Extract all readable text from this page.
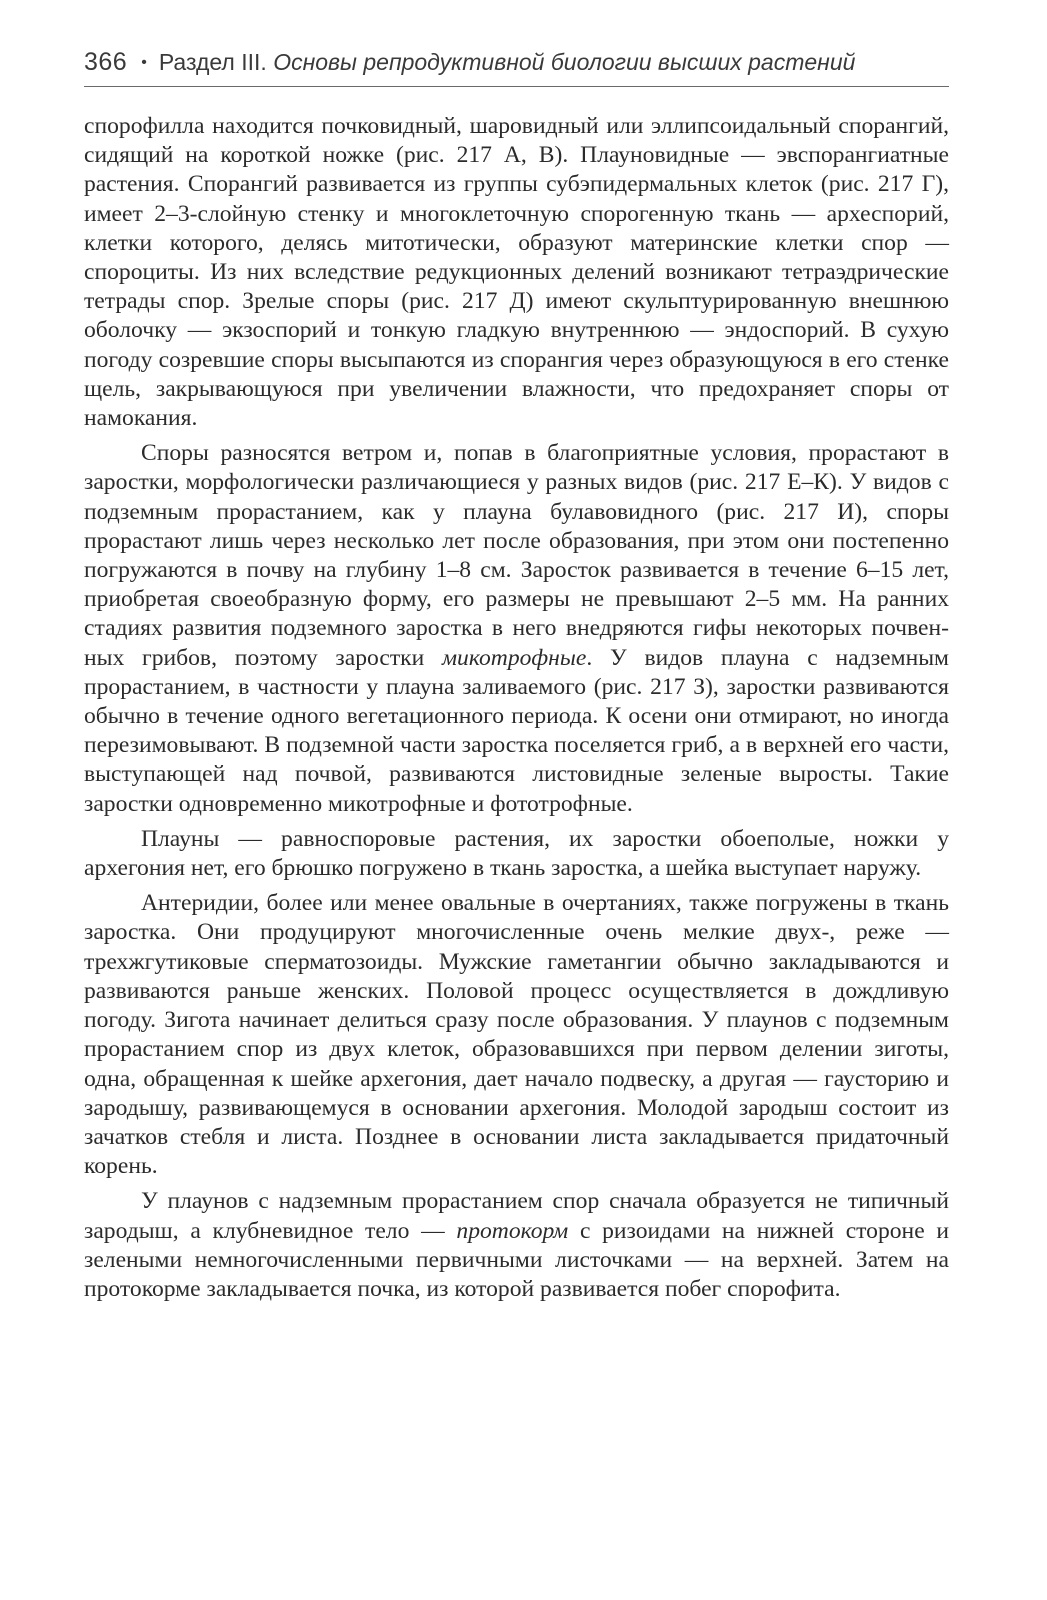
366 • Раздел III. Основы репродуктивной биологии высших растений

спорофилла находится почковидный, шаровидный или эллипсоидальный спорангий, сидящий на короткой ножке (рис. 217 А, В). Плауновидные — эвспорангиатные растения. Спорангий развивается из группы субэпидермальных клеток (рис. 217 Г), имеет 2–3-слойную стенку и многоклеточную спорогенную ткань — археспорий, клетки которого, делясь митотически, образуют материнские клетки спор — спороциты. Из них вследствие редукционных делений возникают тетраэдрические тетрады спор. Зрелые споры (рис. 217 Д) имеют скульптурированную внешнюю оболочку — экзоспорий и тонкую гладкую внутреннюю — эндоспорий. В сухую погоду созревшие споры высыпаются из спорангия через образующуюся в его стенке щель, закрывающуюся при увеличении влажности, что предохраняет споры от намокания.

Споры разносятся ветром и, попав в благоприятные условия, прорастают в заростки, морфологически различающиеся у разных видов (рис. 217 Е–К). У видов с подземным прорастанием, как у плауна булавовидного (рис. 217 И), споры прорастают лишь через несколько лет после образования, при этом они постепенно погружаются в почву на глубину 1–8 см. Заросток развивается в течение 6–15 лет, приобретая своеобразную форму, его размеры не превышают 2–5 мм. На ранних стадиях развития подземного заростка в него внедряются гифы некоторых почвенных грибов, поэтому заростки микотрофные. У видов плауна с надземным прорастанием, в частности у плауна заливаемого (рис. 217 З), заростки развиваются обычно в течение одного вегетационного периода. К осени они отмирают, но иногда перезимовывают. В подземной части заростка поселяется гриб, а в верхней его части, выступающей над почвой, развиваются листовидные зеленые выросты. Такие заростки одновременно микотрофные и фототрофные.

Плауны — равноспоровые растения, их заростки обоеполые, ножки у архегония нет, его брюшко погружено в ткань заростка, а шейка выступает наружу.

Антеридии, более или менее овальные в очертаниях, также погружены в ткань заростка. Они продуцируют многочисленные очень мелкие двух-, реже — трехжгутиковые сперматозоиды. Мужские гаметангии обычно закладываются и развиваются раньше женских. Половой процесс осуществляется в дождливую погоду. Зигота начинает делиться сразу после образования. У плаунов с подземным прорастанием спор из двух клеток, образовавшихся при первом делении зиготы, одна, обращенная к шейке архегония, дает начало подвеску, а другая — гаусторию и зародышу, развивающемуся в основании архегония. Молодой зародыш состоит из зачатков стебля и листа. Позднее в основании листа закладывается придаточный корень.

У плаунов с надземным прорастанием спор сначала образуется не типичный зародыш, а клубневидное тело — протокорм с ризоидами на нижней стороне и зелеными немногочисленными первичными листочками — на верхней. Затем на протокорме закладывается почка, из которой развивается побег спорофита.
